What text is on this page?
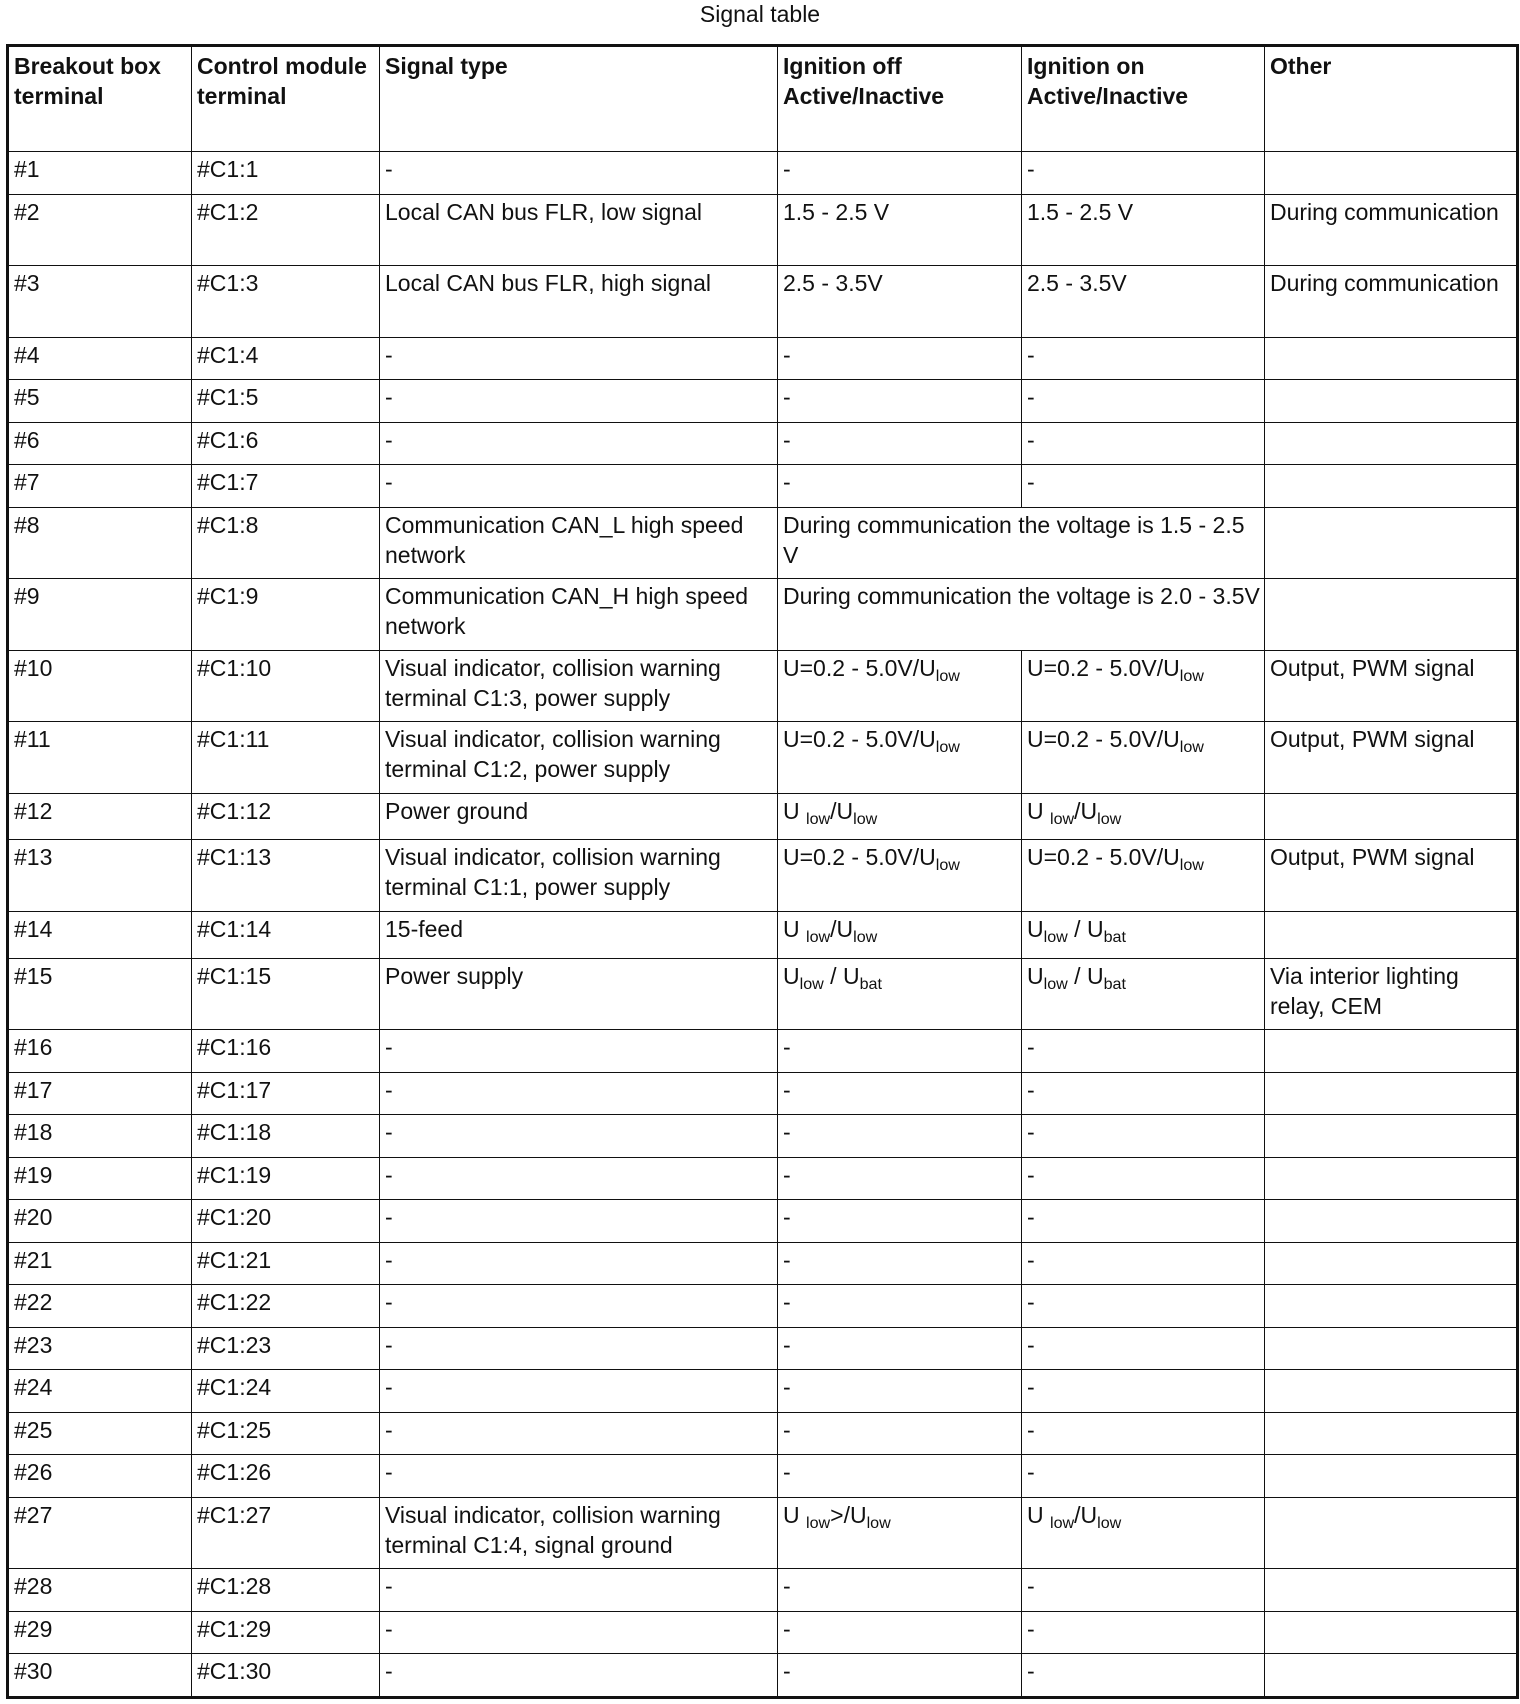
Signal table
Breakout box terminal	Control module terminal	Signal type	Ignition off Active/Inactive	Ignition on Active/Inactive	Other
#1	#C1:1	-	-	-	
#2	#C1:2	Local CAN bus FLR, low signal	1.5 - 2.5 V	1.5 - 2.5 V	During communication
#3	#C1:3	Local CAN bus FLR, high signal	2.5 - 3.5V	2.5 - 3.5V	During communication
#4	#C1:4	-	-	-	
#5	#C1:5	-	-	-	
#6	#C1:6	-	-	-	
#7	#C1:7	-	-	-	
#8	#C1:8	Communication CAN_L high speed network	During communication the voltage is 1.5 - 2.5 V		
#9	#C1:9	Communication CAN_H high speed network	During communication the voltage is 2.0 - 3.5V		
#10	#C1:10	Visual indicator, collision warning terminal C1:3, power supply	$U=0.2 - 5.0V/U_{low}$	$U=0.2 - 5.0V/U_{low}$	Output, PWM signal
#11	#C1:11	Visual indicator, collision warning terminal C1:2, power supply	$U=0.2 - 5.0V/U_{low}$	$U=0.2 - 5.0V/U_{low}$	Output, PWM signal
#12	#C1:12	Power ground	U $_{low}/U_{low}$	U $_{low}/U_{low}$	
#13	#C1:13	Visual indicator, collision warning terminal C1:1, power supply	$U=0.2 - 5.0V/U_{low}$	$U=0.2 - 5.0V/U_{low}$	Output, PWM signal
#14	#C1:14	15-feed	U $_{low}/U_{low}$	$U_{low} / U_{bat}$	
#15	#C1:15	Power supply	$U_{low} / U_{bat}$	$U_{low} / U_{bat}$	Via interior lighting relay, CEM
#16	#C1:16	-	-	-	
#17	#C1:17	-	-	-	
#18	#C1:18	-	-	-	
#19	#C1:19	-	-	-	
#20	#C1:20	-	-	-	
#21	#C1:21	-	-	-	
#22	#C1:22	-	-	-	
#23	#C1:23	-	-	-	
#24	#C1:24	-	-	-	
#25	#C1:25	-	-	-	
#26	#C1:26	-	-	-	
#27	#C1:27	Visual indicator, collision warning terminal C1:4, signal ground	U $_{low}>/U_{low}$	U $_{low}/U_{low}$	
#28	#C1:28	-	-	-	
#29	#C1:29	-	-	-	
#30	#C1:30	-	-	-	
